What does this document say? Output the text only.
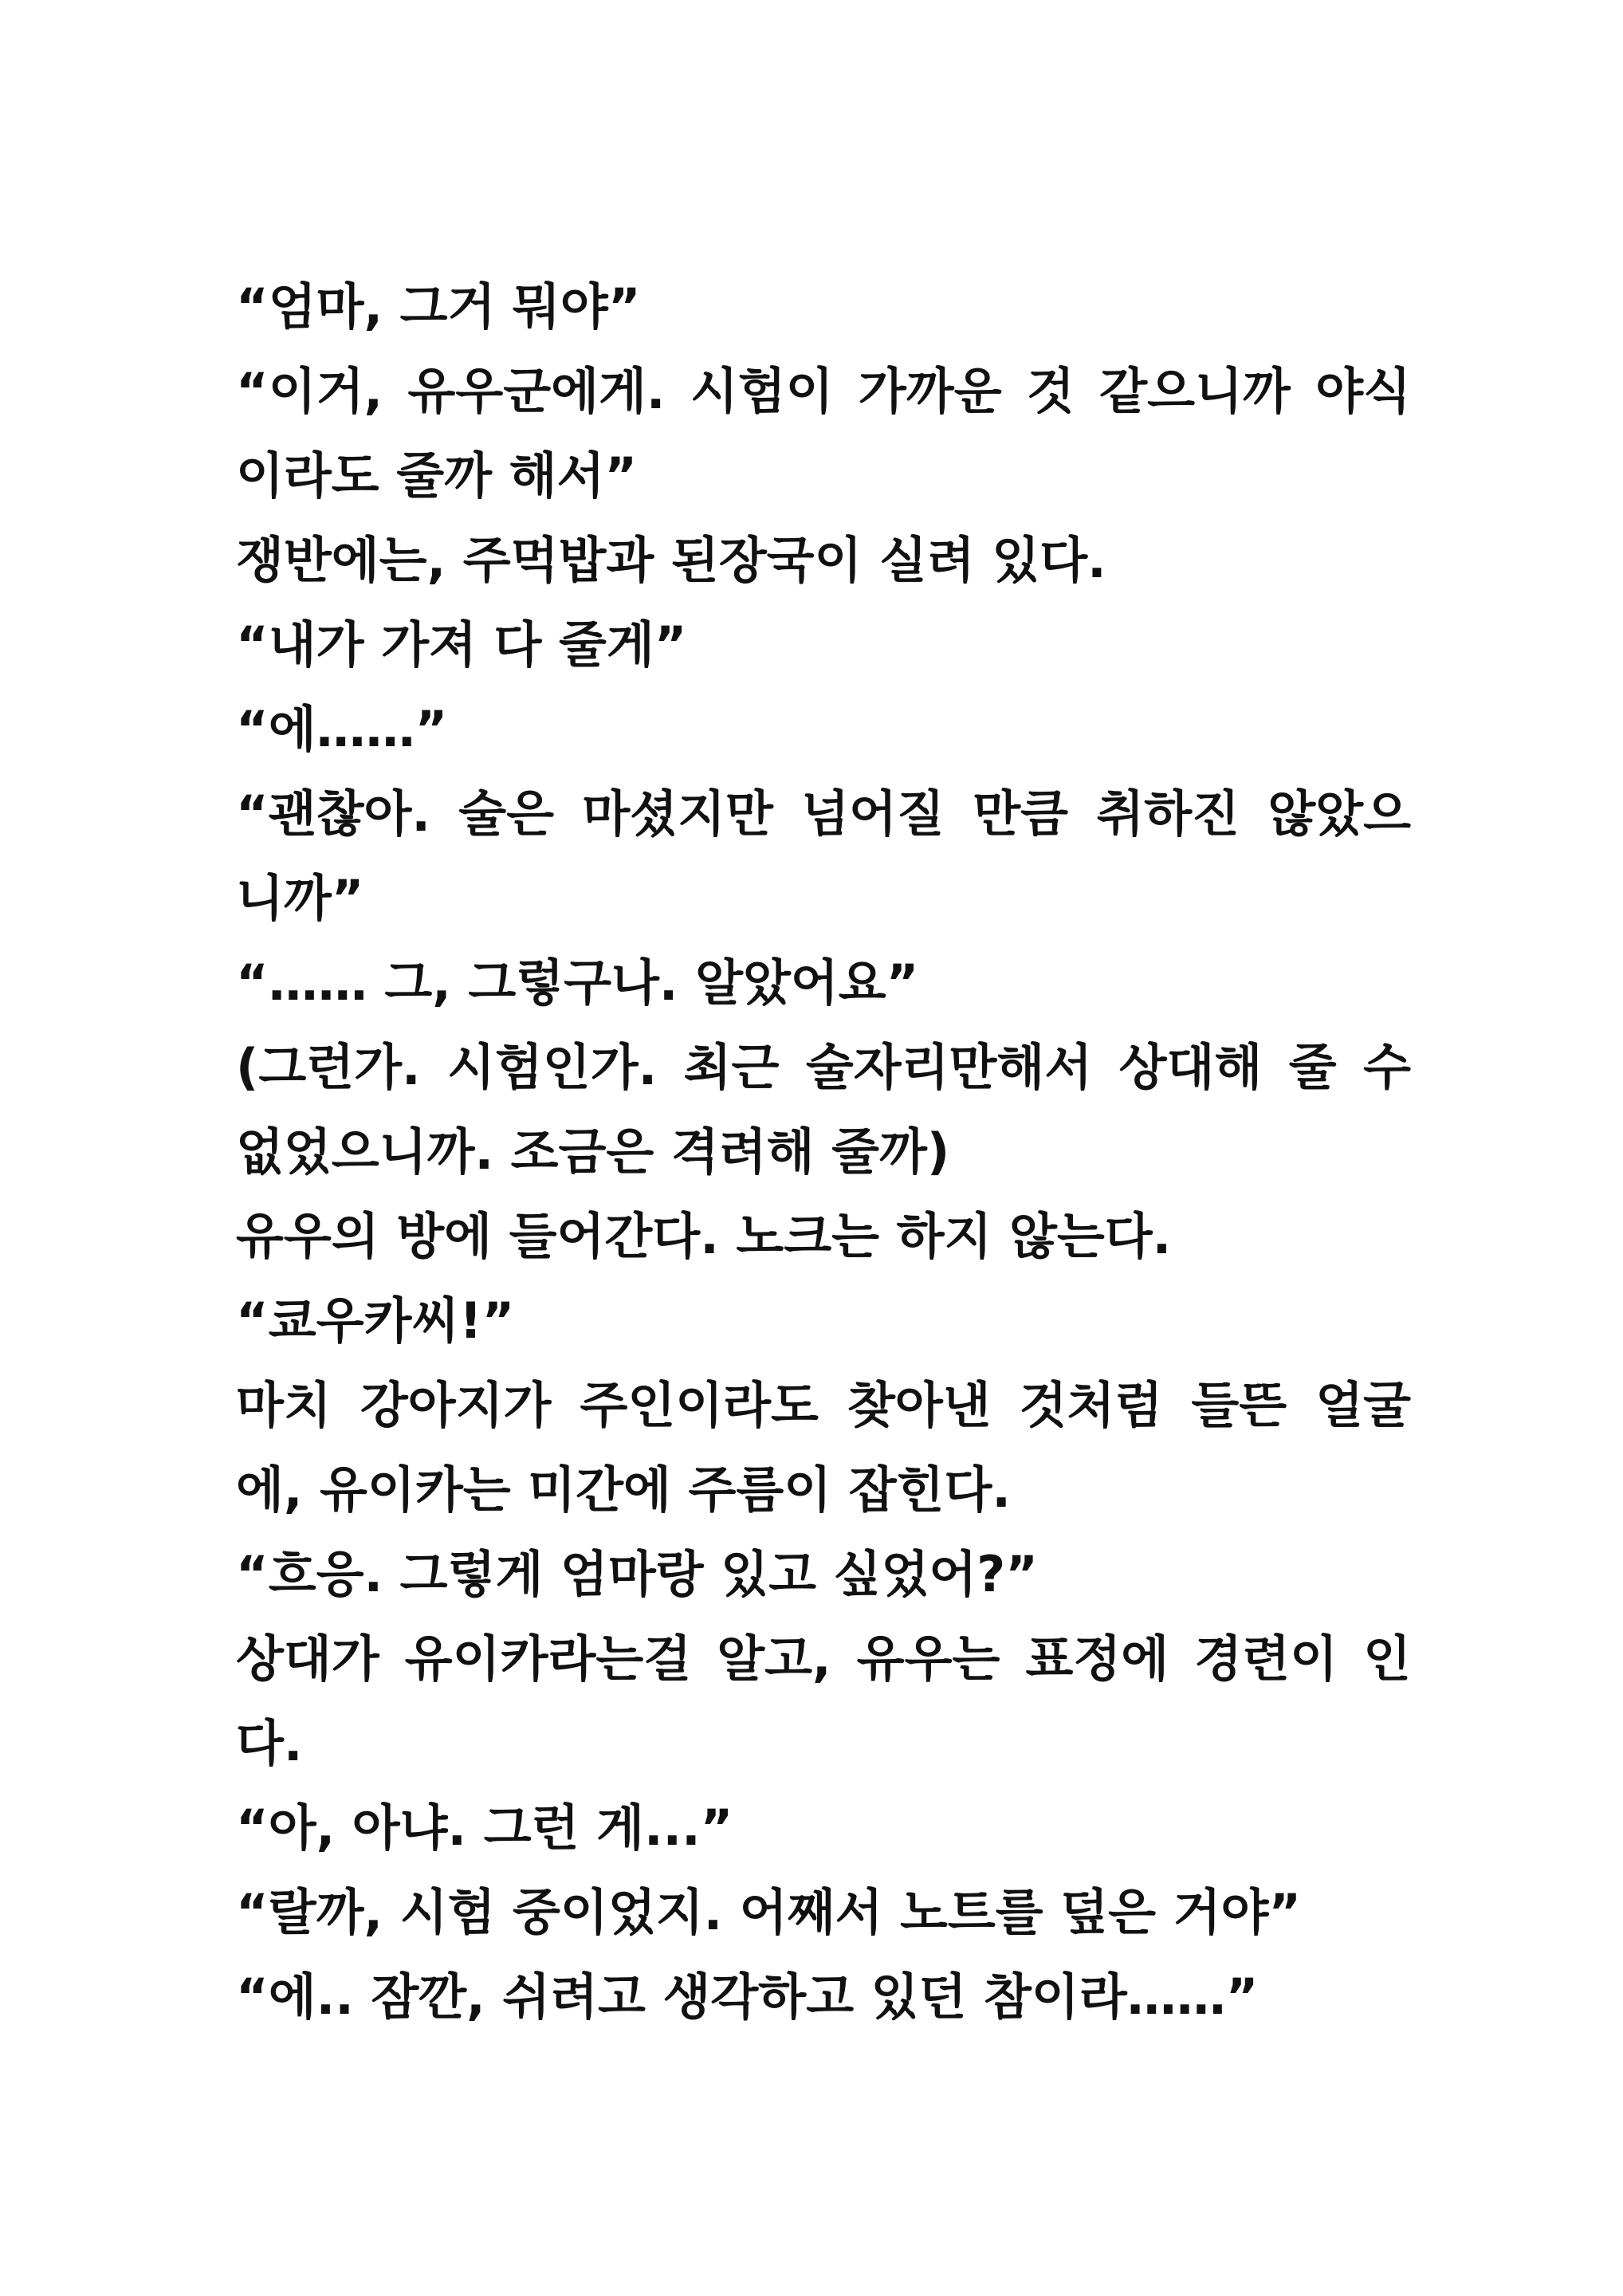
“엄마, 그거 뭐야”
“이거, 유우군에게. 시험이 가까운 것 같으니까 야식
이라도 줄까 해서”
쟁반에는, 주먹밥과 된장국이 실려 있다.
“내가 가져 다 줄게”
“에……”
“괜찮아. 술은 마셨지만 넘어질 만큼 취하진 않았으
니까”
“…… 그, 그렇구나. 알았어요”
(그런가. 시험인가. 최근 술자리만해서 상대해 줄 수
없었으니까. 조금은 격려해 줄까)
유우의 방에 들어간다. 노크는 하지 않는다.
“쿄우카씨!”
마치 강아지가 주인이라도 찾아낸 것처럼 들뜬 얼굴
에, 유이카는 미간에 주름이 잡힌다.
“흐응. 그렇게 엄마랑 있고 싶었어?”
상대가 유이카라는걸 알고, 유우는 표정에 경련이 인
다.
“아, 아냐. 그런 게...”
“랄까, 시험 중이었지. 어째서 노트를 덮은 거야”
“에.. 잠깐, 쉬려고 생각하고 있던 참이라……”
